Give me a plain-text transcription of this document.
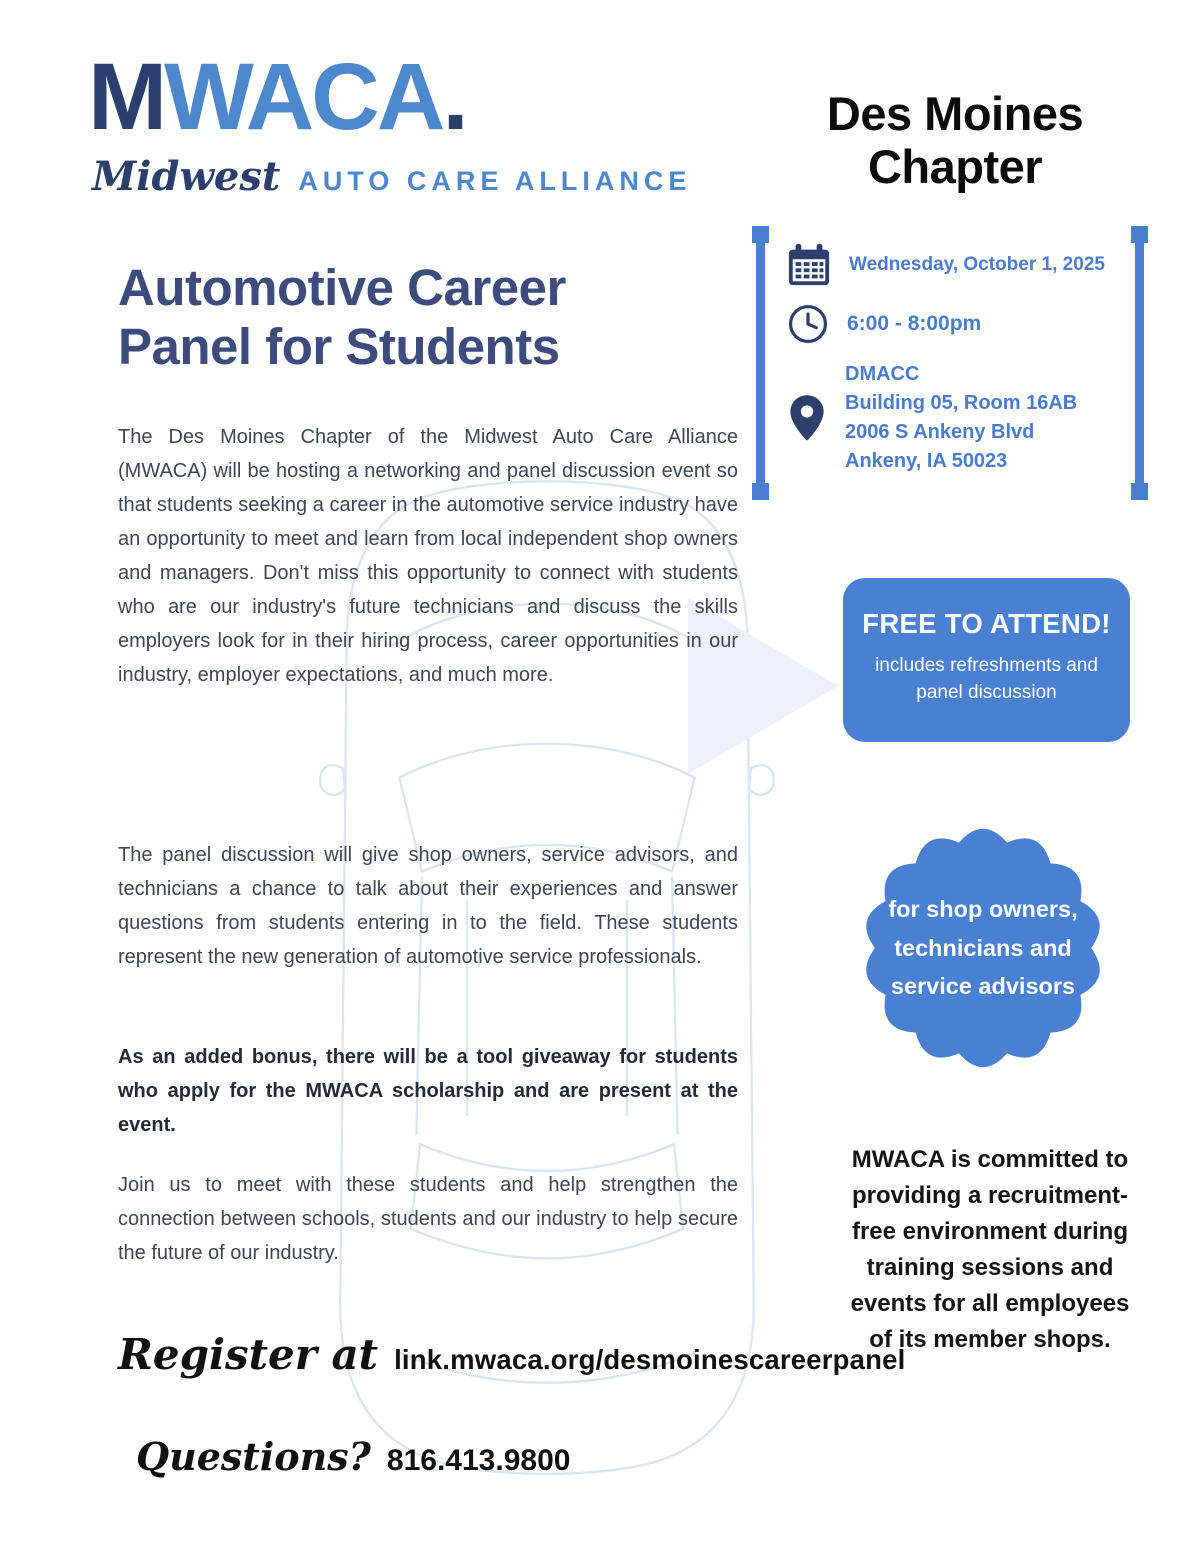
MWACA.
Midwest AUTO CARE ALLIANCE
Des Moines
Chapter
Wednesday, October 1, 2025
6:00 - 8:00pm
DMACC
Building 05, Room 16AB
2006 S Ankeny Blvd
Ankeny, IA 50023
Automotive Career
Panel for Students

The Des Moines Chapter of the Midwest Auto Care Alliance (MWACA) will be hosting a networking and panel discussion event so that students seeking a career in the automotive service industry have an opportunity to meet and learn from local independent shop owners and managers. Don't miss this opportunity to connect with students who are our industry's future technicians and discuss the skills employers look for in their hiring process, career opportunities in our industry, employer expectations, and much more.

The panel discussion will give shop owners, service advisors, and technicians a chance to talk about their experiences and answer questions from students entering in to the field. These students represent the new generation of automotive service professionals.

As an added bonus, there will be a tool giveaway for students who apply for the MWACA scholarship and are present at the event.

Join us to meet with these students and help strengthen the connection between schools, students and our industry to help secure the future of our industry.

Register at link.mwaca.org/desmoinescareerpanel
Questions? 816.413.9800
FREE TO ATTEND!
includes refreshments and panel discussion
for shop owners,
technicians and
service advisors
MWACA is committed to providing a recruitment-free environment during training sessions and events for all employees of its member shops.
